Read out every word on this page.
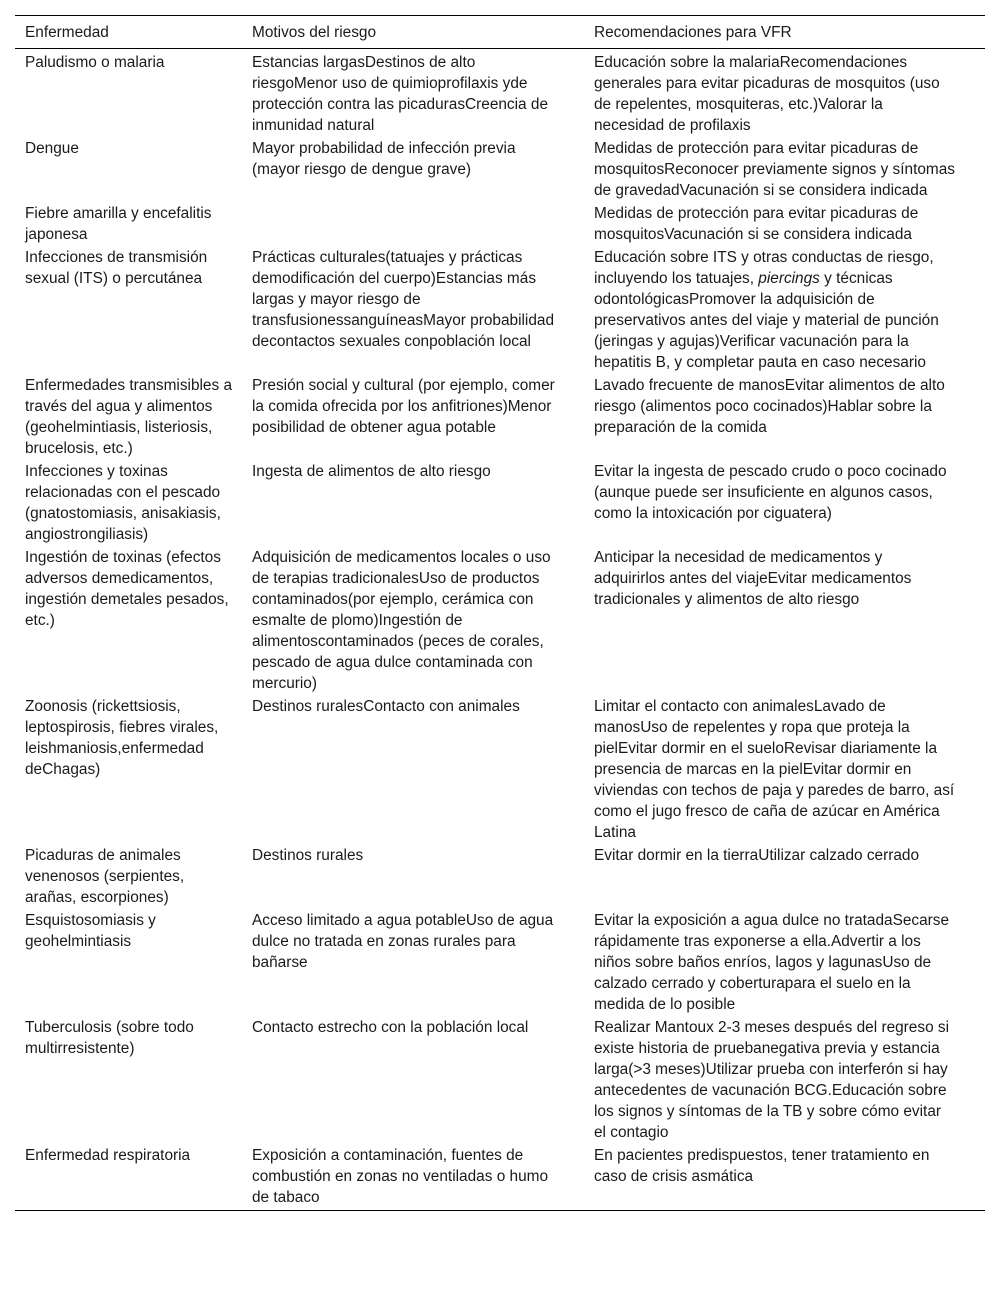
Enfermedad	Motivos del riesgo	Recomendaciones para VFR
Paludismo o malaria	Estancias largasDestinos de alto riesgoMenor uso de quimioprofilaxis yde protección contra las picadurasCreencia de inmunidad natural	Educación sobre la malariaRecomendaciones generales para evitar picaduras de mosquitos (uso de repelentes, mosquiteras, etc.)Valorar la necesidad de profilaxis
Dengue	Mayor probabilidad de infección previa (mayor riesgo de dengue grave)	Medidas de protección para evitar picaduras de mosquitosReconocer previamente signos y síntomas de gravedadVacunación si se considera indicada
Fiebre amarilla y encefalitis japonesa		Medidas de protección para evitar picaduras de mosquitosVacunación si se considera indicada
Infecciones de transmisión sexual (ITS) o percutánea	Prácticas culturales(tatuajes y prácticas demodificación del cuerpo)Estancias más largas y mayor riesgo de transfusionessanguíneasMayor probabilidad decontactos sexuales conpoblación local	Educación sobre ITS y otras conductas de riesgo, incluyendo los tatuajes, piercings y técnicas odontológicasPromover la adquisición de preservativos antes del viaje y material de punción (jeringas y agujas)Verificar vacunación para la hepatitis B, y completar pauta en caso necesario
Enfermedades transmisibles a través del agua y alimentos (geohelmintiasis, listeriosis, brucelosis, etc.)	Presión social y cultural (por ejemplo, comer la comida ofrecida por los anfitriones)Menor posibilidad de obtener agua potable	Lavado frecuente de manosEvitar alimentos de alto riesgo (alimentos poco cocinados)Hablar sobre la preparación de la comida
Infecciones y toxinas relacionadas con el pescado (gnatostomiasis, anisakiasis, angiostrongiliasis)	Ingesta de alimentos de alto riesgo	Evitar la ingesta de pescado crudo o poco cocinado (aunque puede ser insuficiente en algunos casos, como la intoxicación por ciguatera)
Ingestión de toxinas (efectos adversos demedicamentos, ingestión demetales pesados, etc.)	Adquisición de medicamentos locales o uso de terapias tradicionalesUso de productos contaminados(por ejemplo, cerámica con esmalte de plomo)Ingestión de alimentoscontaminados (peces de corales, pescado de agua dulce contaminada con mercurio)	Anticipar la necesidad de medicamentos y adquirirlos antes del viajeEvitar medicamentos tradicionales y alimentos de alto riesgo
Zoonosis (rickettsiosis, leptospirosis, fiebres virales, leishmaniosis,enfermedad deChagas)	Destinos ruralesContacto con animales	Limitar el contacto con animalesLavado de manosUso de repelentes y ropa que proteja la pielEvitar dormir en el sueloRevisar diariamente la presencia de marcas en la pielEvitar dormir en viviendas con techos de paja y paredes de barro, así como el jugo fresco de caña de azúcar en América Latina
Picaduras de animales venenosos (serpientes, arañas, escorpiones)	Destinos rurales	Evitar dormir en la tierraUtilizar calzado cerrado
Esquistosomiasis y geohelmintiasis	Acceso limitado a agua potableUso de agua dulce no tratada en zonas rurales para bañarse	Evitar la exposición a agua dulce no tratadaSecarse rápidamente tras exponerse a ella.Advertir a los niños sobre baños enríos, lagos y lagunasUso de calzado cerrado y coberturapara el suelo en la medida de lo posible
Tuberculosis (sobre todo multirresistente)	Contacto estrecho con la población local	Realizar Mantoux 2-3 meses después del regreso si existe historia de pruebanegativa previa y estancia larga(>3 meses)Utilizar prueba con interferón si hay antecedentes de vacunación BCG.Educación sobre los signos y síntomas de la TB y sobre cómo evitar el contagio
Enfermedad respiratoria	Exposición a contaminación, fuentes de combustión en zonas no ventiladas o humo de tabaco	En pacientes predispuestos, tener tratamiento en caso de crisis asmática
